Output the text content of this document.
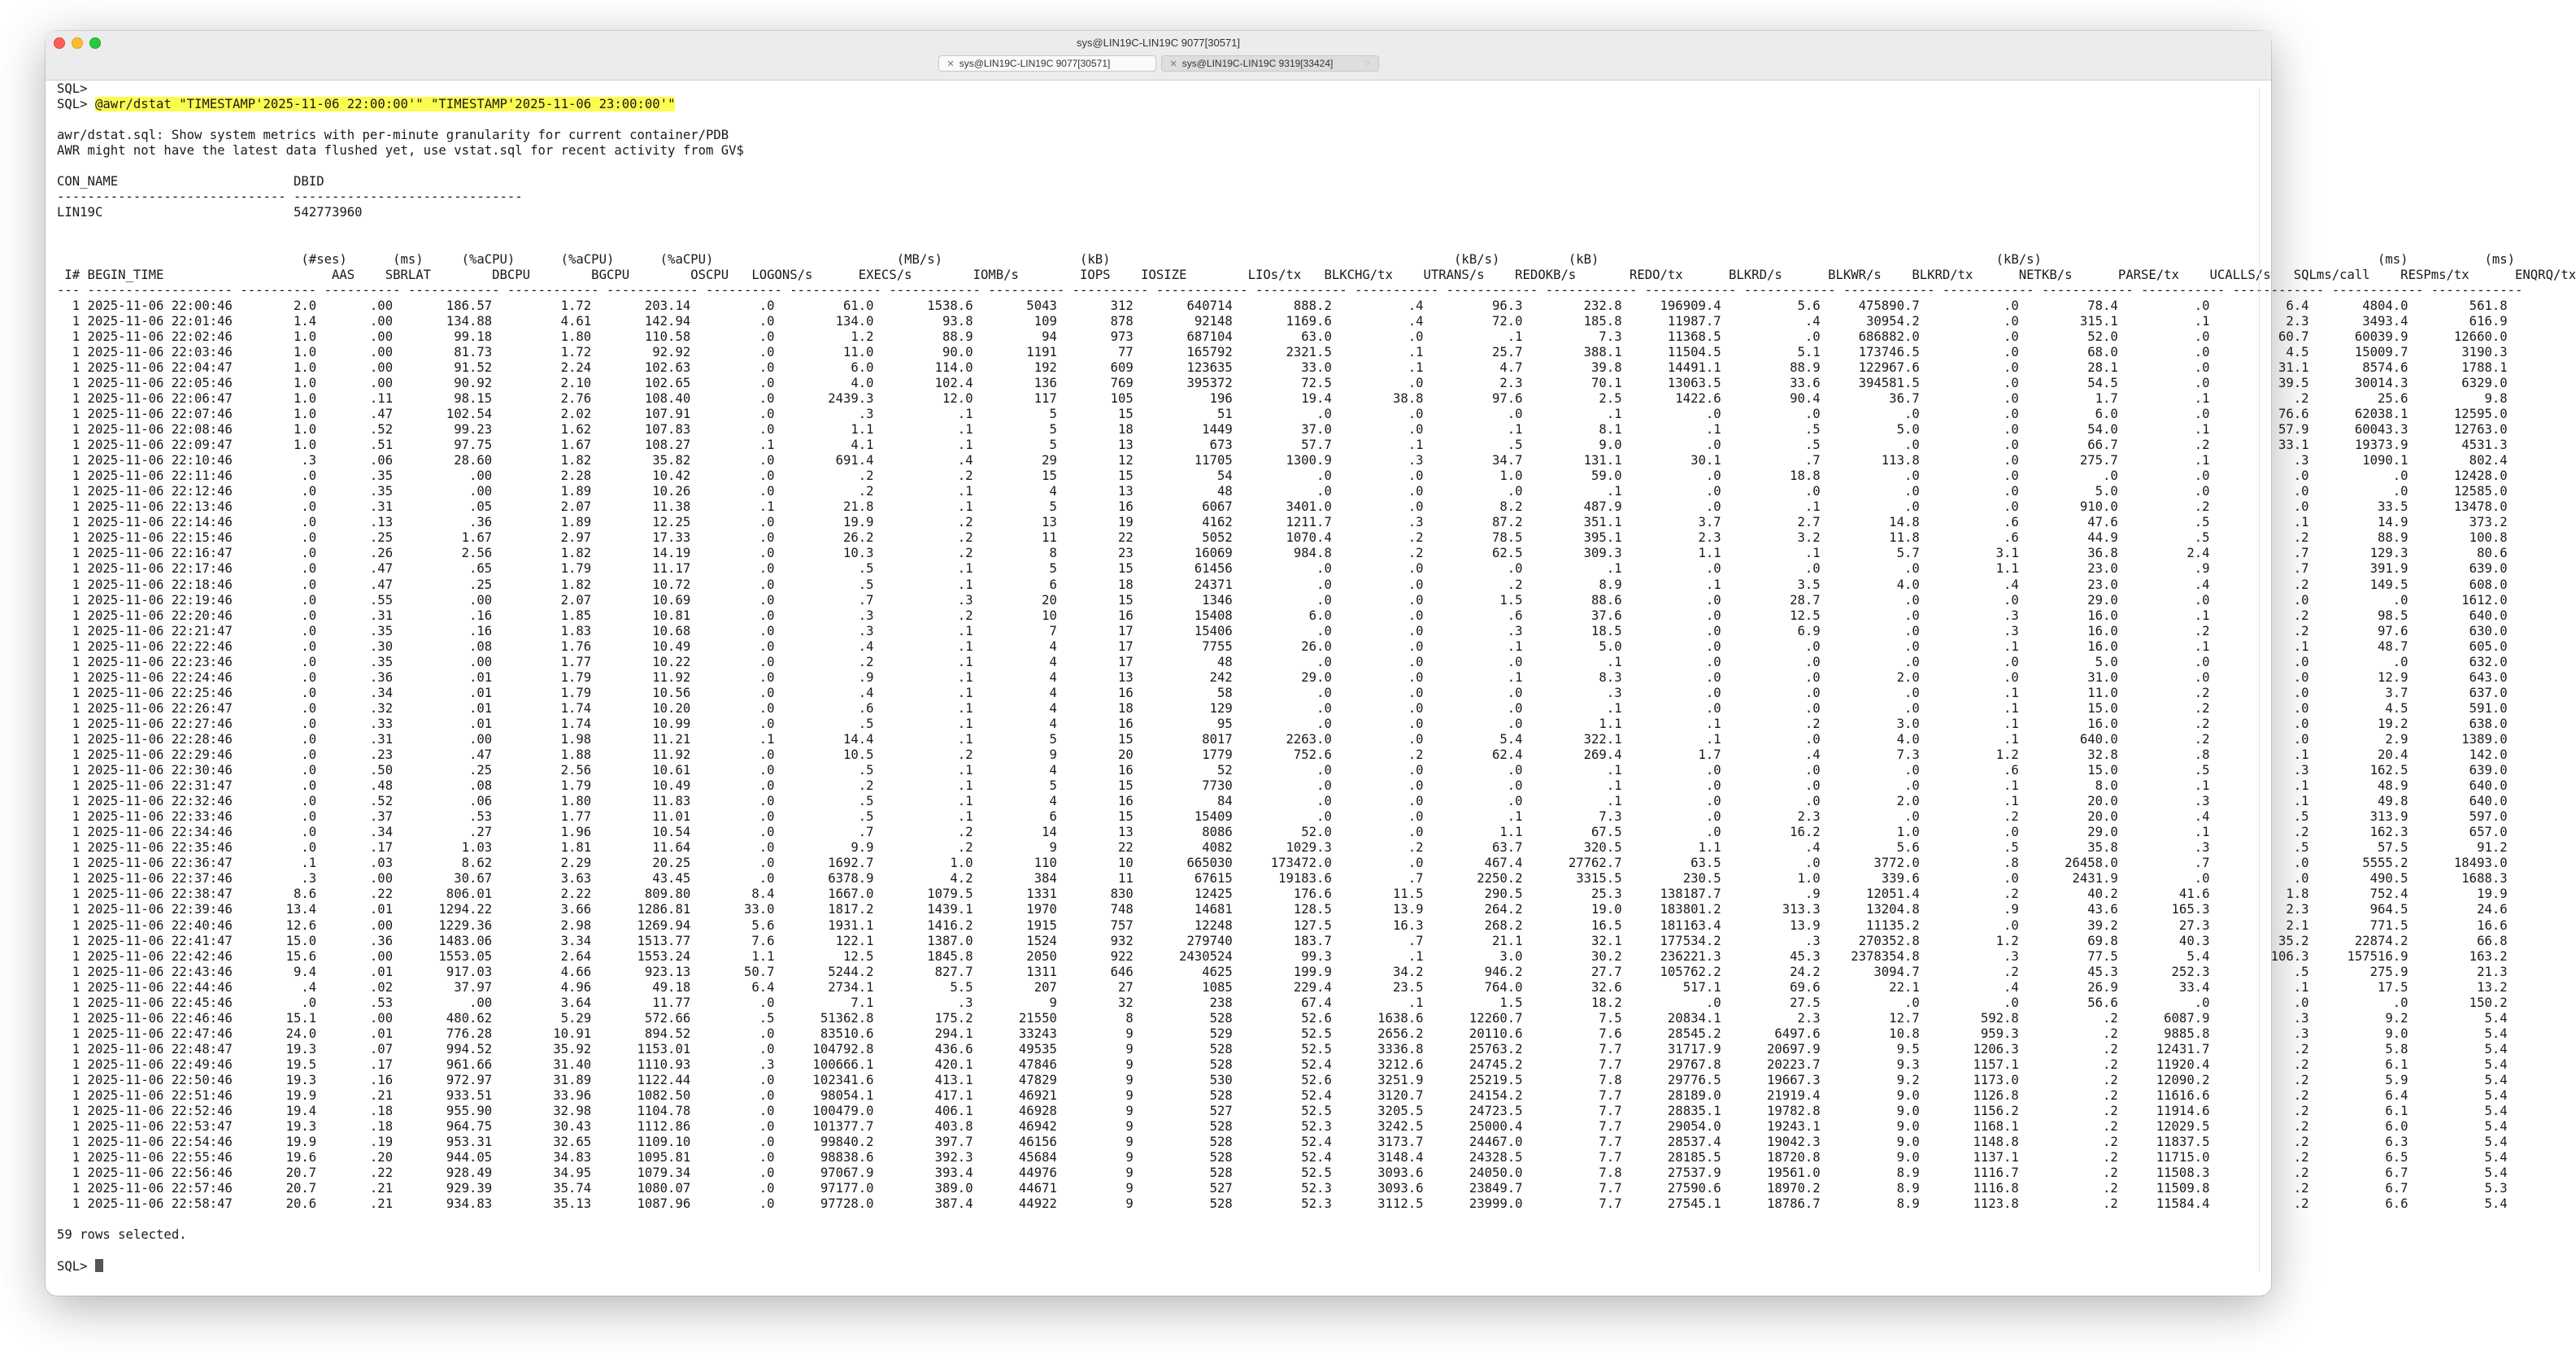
sys@LIN19C-LIN19C 9077[30571]
✕ sys@LIN19C-LIN19C 9077[30571]	✕ sys@LIN19C-LIN19C 9319[33424]	◌
SQL>
SQL> @awr/dstat "TIMESTAMP'2025-11-06 22:00:00'" "TIMESTAMP'2025-11-06 23:00:00'"

awr/dstat.sql: Show system metrics with per-minute granularity for current container/PDB
AWR might not have the latest data flushed yet, use vstat.sql for recent activity from GV$

CON_NAME                       DBID
------------------------------ ------------------------------
LIN19C                         542773960

(#ses)      (ms)     (%aCPU)      (%aCPU)      (%aCPU)                        (MB/s)                  (kB)                                             (kB/s)         (kB)                                                    (kB/s)                                            (ms)          (ms)
I# BEGIN_TIME                      AAS    SBRLAT        DBCPU        BGCPU        OSCPU   LOGONS/s      EXECS/s        IOMB/s        IOPS    IOSIZE        LIOs/tx   BLKCHG/tx    UTRANS/s    REDOKB/s       REDO/tx      BLKRD/s      BLKWR/s    BLKRD/tx      NETKB/s      PARSE/tx    UCALLS/s   SQLms/call    RESPms/tx      ENQRQ/tx
--- ------------------- ---------- ---------- ------------ ------------ ------------ ---------- ------------ ------------ ---------- ---------- ------------ ------------ ----------- ------------ ------------ ------------ ------------ ------------ ------------ ------------ ----------- ------------ ------------ ------------
1 2025-11-06 22:00:46        2.0       .00       186.57         1.72       203.14         .0         61.0       1538.6       5043       312       640714        888.2          .4         96.3        232.8     196909.4          5.6     475890.7           .0         78.4          .0          6.4       4804.0        561.8
1 2025-11-06 22:01:46        1.4       .00       134.88         4.61       142.94         .0        134.0         93.8        109       878        92148       1169.6          .4         72.0        185.8      11987.7           .4      30954.2           .0        315.1          .1          2.3       3493.4        616.9
1 2025-11-06 22:02:46        1.0       .00        99.18         1.80       110.58         .0          1.2         88.9         94       973       687104         63.0          .0           .1          7.3      11368.5           .0     686882.0           .0         52.0          .0         60.7      60039.9      12660.0
1 2025-11-06 22:03:46        1.0       .00        81.73         1.72        92.92         .0         11.0         90.0       1191        77       165792       2321.5          .1         25.7        388.1      11504.5          5.1     173746.5           .0         68.0          .0          4.5      15009.7       3190.3
1 2025-11-06 22:04:47        1.0       .00        91.52         2.24       102.63         .0          6.0        114.0        192       609       123635         33.0          .1          4.7         39.8      14491.1         88.9     122967.6           .0         28.1          .0         31.1       8574.6       1788.1
1 2025-11-06 22:05:46        1.0       .00        90.92         2.10       102.65         .0          4.0        102.4        136       769       395372         72.5          .0          2.3         70.1      13063.5         33.6     394581.5           .0         54.5          .0         39.5      30014.3       6329.0
1 2025-11-06 22:06:47        1.0       .11        98.15         2.76       108.40         .0       2439.3         12.0        117       105          196         19.4        38.8         97.6          2.5       1422.6         90.4         36.7           .0          1.7          .1           .2         25.6          9.8
1 2025-11-06 22:07:46        1.0       .47       102.54         2.02       107.91         .0           .3           .1          5        15           51           .0          .0           .0           .1           .0           .0           .0           .0          6.0          .0         76.6      62038.1      12595.0
1 2025-11-06 22:08:46        1.0       .52        99.23         1.62       107.83         .0          1.1           .1          5        18         1449         37.0          .0           .1          8.1           .1           .5          5.0           .0         54.0          .1         57.9      60043.3      12763.0
1 2025-11-06 22:09:47        1.0       .51        97.75         1.67       108.27         .1          4.1           .1          5        13          673         57.7          .1           .5          9.0           .0           .5           .0           .0         66.7          .2         33.1      19373.9       4531.3
1 2025-11-06 22:10:46         .3       .06        28.60         1.82        35.82         .0        691.4           .4         29        12        11705       1300.9          .3         34.7        131.1         30.1           .7        113.8           .0        275.7          .1           .3       1090.1        802.4
1 2025-11-06 22:11:46         .0       .35          .00         2.28        10.42         .0           .2           .2         15        15           54           .0          .0          1.0         59.0           .0         18.8           .0           .0           .0          .0           .0           .0      12428.0
1 2025-11-06 22:12:46         .0       .35          .00         1.89        10.26         .0           .2           .1          4        13           48           .0          .0           .0           .1           .0           .0           .0           .0          5.0          .0           .0           .0      12585.0
1 2025-11-06 22:13:46         .0       .31          .05         2.07        11.38         .1         21.8           .1          5        16         6067       3401.0          .0          8.2        487.9           .0           .1           .0           .0        910.0          .2           .0         33.5      13478.0
1 2025-11-06 22:14:46         .0       .13          .36         1.89        12.25         .0         19.9           .2         13        19         4162       1211.7          .3         87.2        351.1          3.7          2.7         14.8           .6         47.6          .5           .1         14.9        373.2
1 2025-11-06 22:15:46         .0       .25         1.67         2.97        17.33         .0         26.2           .2         11        22         5052       1070.4          .2         78.5        395.1          2.3          3.2         11.8           .6         44.9          .5           .2         88.9        100.8
1 2025-11-06 22:16:47         .0       .26         2.56         1.82        14.19         .0         10.3           .2          8        23        16069        984.8          .2         62.5        309.3          1.1           .1          5.7          3.1         36.8         2.4           .7        129.3         80.6
1 2025-11-06 22:17:46         .0       .47          .65         1.79        11.17         .0           .5           .1          5        15        61456           .0          .0           .0           .1           .0           .0           .0          1.1         23.0          .9           .7        391.9        639.0
1 2025-11-06 22:18:46         .0       .47          .25         1.82        10.72         .0           .5           .1          6        18        24371           .0          .0           .2          8.9           .1          3.5          4.0           .4         23.0          .4           .2        149.5        608.0
1 2025-11-06 22:19:46         .0       .55          .00         2.07        10.69         .0           .7           .3         20        15         1346           .0          .0          1.5         88.6           .0         28.7           .0           .0         29.0          .0           .0           .0       1612.0
1 2025-11-06 22:20:46         .0       .31          .16         1.85        10.81         .0           .3           .2         10        16        15408          6.0          .0           .6         37.6           .0         12.5           .0           .3         16.0          .1           .2         98.5        640.0
1 2025-11-06 22:21:47         .0       .35          .16         1.83        10.68         .0           .3           .1          7        17        15406           .0          .0           .3         18.5           .0          6.9           .0           .3         16.0          .2           .2         97.6        630.0
1 2025-11-06 22:22:46         .0       .30          .08         1.76        10.49         .0           .4           .1          4        17         7755         26.0          .0           .1          5.0           .0           .0           .0           .1         16.0          .1           .1         48.7        605.0
1 2025-11-06 22:23:46         .0       .35          .00         1.77        10.22         .0           .2           .1          4        17           48           .0          .0           .0           .1           .0           .0           .0           .0          5.0          .0           .0           .0        632.0
1 2025-11-06 22:24:46         .0       .36          .01         1.79        11.92         .0           .9           .1          4        13          242         29.0          .0           .1          8.3           .0           .0          2.0           .0         31.0          .0           .0         12.9        643.0
1 2025-11-06 22:25:46         .0       .34          .01         1.79        10.56         .0           .4           .1          4        16           58           .0          .0           .0           .3           .0           .0           .0           .1         11.0          .2           .0          3.7        637.0
1 2025-11-06 22:26:47         .0       .32          .01         1.74        10.20         .0           .6           .1          4        18          129           .0          .0           .0           .1           .0           .0           .0           .1         15.0          .2           .0          4.5        591.0
1 2025-11-06 22:27:46         .0       .33          .01         1.74        10.99         .0           .5           .1          4        16           95           .0          .0           .0          1.1           .1           .2          3.0           .1         16.0          .2           .0         19.2        638.0
1 2025-11-06 22:28:46         .0       .31          .00         1.98        11.21         .1         14.4           .1          5        15         8017       2263.0          .0          5.4        322.1           .1           .0          4.0           .1        640.0          .2           .0          2.9       1389.0
1 2025-11-06 22:29:46         .0       .23          .47         1.88        11.92         .0         10.5           .2          9        20         1779        752.6          .2         62.4        269.4          1.7           .4          7.3          1.2         32.8          .8           .1         20.4        142.0
1 2025-11-06 22:30:46         .0       .50          .25         2.56        10.61         .0           .5           .1          4        16           52           .0          .0           .0           .1           .0           .0           .0           .6         15.0          .5           .3        162.5        639.0
1 2025-11-06 22:31:47         .0       .48          .08         1.79        10.49         .0           .2           .1          5        15         7730           .0          .0           .0           .1           .0           .0           .0           .1          8.0          .1           .1         48.9        640.0
1 2025-11-06 22:32:46         .0       .52          .06         1.80        11.83         .0           .5           .1          4        16           84           .0          .0           .0           .1           .0           .0          2.0           .1         20.0          .3           .1         49.8        640.0
1 2025-11-06 22:33:46         .0       .37          .53         1.77        11.01         .0           .5           .1          6        15        15409           .0          .0           .1          7.3           .0          2.3           .0           .2         20.0          .4           .5        313.9        597.0
1 2025-11-06 22:34:46         .0       .34          .27         1.96        10.54         .0           .7           .2         14        13         8086         52.0          .0          1.1         67.5           .0         16.2          1.0           .0         29.0          .1           .2        162.3        657.0
1 2025-11-06 22:35:46         .0       .17         1.03         1.81        11.64         .0          9.9           .2          9        22         4082       1029.3          .2         63.7        320.5          1.1           .4          5.6           .5         35.8          .3           .5         57.5         91.2
1 2025-11-06 22:36:47         .1       .03         8.62         2.29        20.25         .0       1692.7          1.0        110        10       665030     173472.0          .0        467.4      27762.7         63.5           .0       3772.0           .8      26458.0          .7           .0       5555.2      18493.0
1 2025-11-06 22:37:46         .3       .00        30.67         3.63        43.45         .0       6378.9          4.2        384        11        67615      19183.6          .7       2250.2       3315.5        230.5          1.0        339.6           .0       2431.9          .0           .0        490.5       1688.3
1 2025-11-06 22:38:47        8.6       .22       806.01         2.22       809.80        8.4       1667.0       1079.5       1331       830        12425        176.6        11.5        290.5         25.3     138187.7           .9      12051.4           .2         40.2        41.6          1.8        752.4         19.9
1 2025-11-06 22:39:46       13.4       .01      1294.22         3.66      1286.81       33.0       1817.2       1439.1       1970       748        14681        128.5        13.9        264.2         19.0     183801.2        313.3      13204.8           .9         43.6       165.3          2.3        964.5         24.6
1 2025-11-06 22:40:46       12.6       .00      1229.36         2.98      1269.94        5.6       1931.1       1416.2       1915       757        12248        127.5        16.3        268.2         16.5     181163.4         13.9      11135.2           .0         39.2        27.3          2.1        771.5         16.6
1 2025-11-06 22:41:47       15.0       .36      1483.06         3.34      1513.77        7.6        122.1       1387.0       1524       932       279740        183.7          .7         21.1         32.1     177534.2           .3     270352.8          1.2         69.8        40.3         35.2      22874.2         66.8
1 2025-11-06 22:42:46       15.6       .00      1553.05         2.64      1553.24        1.1         12.5       1845.8       2050       922      2430524         99.3          .1          3.0         30.2     236221.3         45.3    2378354.8           .3         77.5         5.4        106.3     157516.9        163.2
1 2025-11-06 22:43:46        9.4       .01       917.03         4.66       923.13       50.7       5244.2        827.7       1311       646         4625        199.9        34.2        946.2         27.7     105762.2         24.2       3094.7           .2         45.3       252.3           .5        275.9         21.3
1 2025-11-06 22:44:46         .4       .02        37.97         4.96        49.18        6.4       2734.1          5.5        207        27         1085        229.4        23.5        764.0         32.6        517.1         69.6         22.1           .4         26.9        33.4           .1         17.5         13.2
1 2025-11-06 22:45:46         .0       .53          .00         3.64        11.77         .0          7.1           .3          9        32          238         67.4          .1          1.5         18.2           .0         27.5           .0           .0         56.6          .0           .0           .0        150.2
1 2025-11-06 22:46:46       15.1       .00       480.62         5.29       572.66         .5      51362.8        175.2      21550         8          528         52.6      1638.6      12260.7          7.5      20834.1          2.3         12.7        592.8           .2      6087.9           .3          9.2          5.4
1 2025-11-06 22:47:46       24.0       .01       776.28        10.91       894.52         .0      83510.6        294.1      33243         9          529         52.5      2656.2      20110.6          7.6      28545.2       6497.6         10.8        959.3           .2      9885.8           .3          9.0          5.4
1 2025-11-06 22:48:47       19.3       .07       994.52        35.92      1153.01         .0     104792.8        436.6      49535         9          528         52.5      3336.8      25763.2          7.7      31717.9      20697.9          9.5       1206.3           .2     12431.7           .2          5.8          5.4
1 2025-11-06 22:49:46       19.5       .17       961.66        31.40      1110.93         .3     100666.1        420.1      47846         9          528         52.4      3212.6      24745.2          7.7      29767.8      20223.7          9.3       1157.1           .2     11920.4           .2          6.1          5.4
1 2025-11-06 22:50:46       19.3       .16       972.97        31.89      1122.44         .0     102341.6        413.1      47829         9          530         52.6      3251.9      25219.5          7.8      29776.5      19667.3          9.2       1173.0           .2     12090.2           .2          5.9          5.4
1 2025-11-06 22:51:46       19.9       .21       933.51        33.96      1082.50         .0      98054.1        417.1      46921         9          528         52.4      3120.7      24154.2          7.7      28189.0      21919.4          9.0       1126.8           .2     11616.6           .2          6.4          5.4
1 2025-11-06 22:52:46       19.4       .18       955.90        32.98      1104.78         .0     100479.0        406.1      46928         9          527         52.5      3205.5      24723.5          7.7      28835.1      19782.8          9.0       1156.2           .2     11914.6           .2          6.1          5.4
1 2025-11-06 22:53:47       19.3       .18       964.75        30.43      1112.86         .0     101377.7        403.8      46942         9          528         52.3      3242.5      25000.4          7.7      29054.0      19243.1          9.0       1168.1           .2     12029.5           .2          6.0          5.4
1 2025-11-06 22:54:46       19.9       .19       953.31        32.65      1109.10         .0      99840.2        397.7      46156         9          528         52.4      3173.7      24467.0          7.7      28537.4      19042.3          9.0       1148.8           .2     11837.5           .2          6.3          5.4
1 2025-11-06 22:55:46       19.6       .20       944.05        34.83      1095.81         .0      98838.6        392.3      45684         9          528         52.4      3148.4      24328.5          7.7      28185.5      18720.8          9.0       1137.1           .2     11715.0           .2          6.5          5.4
1 2025-11-06 22:56:46       20.7       .22       928.49        34.95      1079.34         .0      97067.9        393.4      44976         9          528         52.5      3093.6      24050.0          7.8      27537.9      19561.0          8.9       1116.7           .2     11508.3           .2          6.7          5.4
1 2025-11-06 22:57:46       20.7       .21       929.39        35.74      1080.07         .0      97177.0        389.0      44671         9          527         52.3      3093.6      23849.7          7.7      27590.6      18970.2          8.9       1116.8           .2     11509.8           .2          6.7          5.3
1 2025-11-06 22:58:47       20.6       .21       934.83        35.13      1087.96         .0      97728.0        387.4      44922         9          528         52.3      3112.5      23999.0          7.7      27545.1      18786.7          8.9       1123.8           .2     11584.4           .2          6.6          5.4

59 rows selected.

SQL>
